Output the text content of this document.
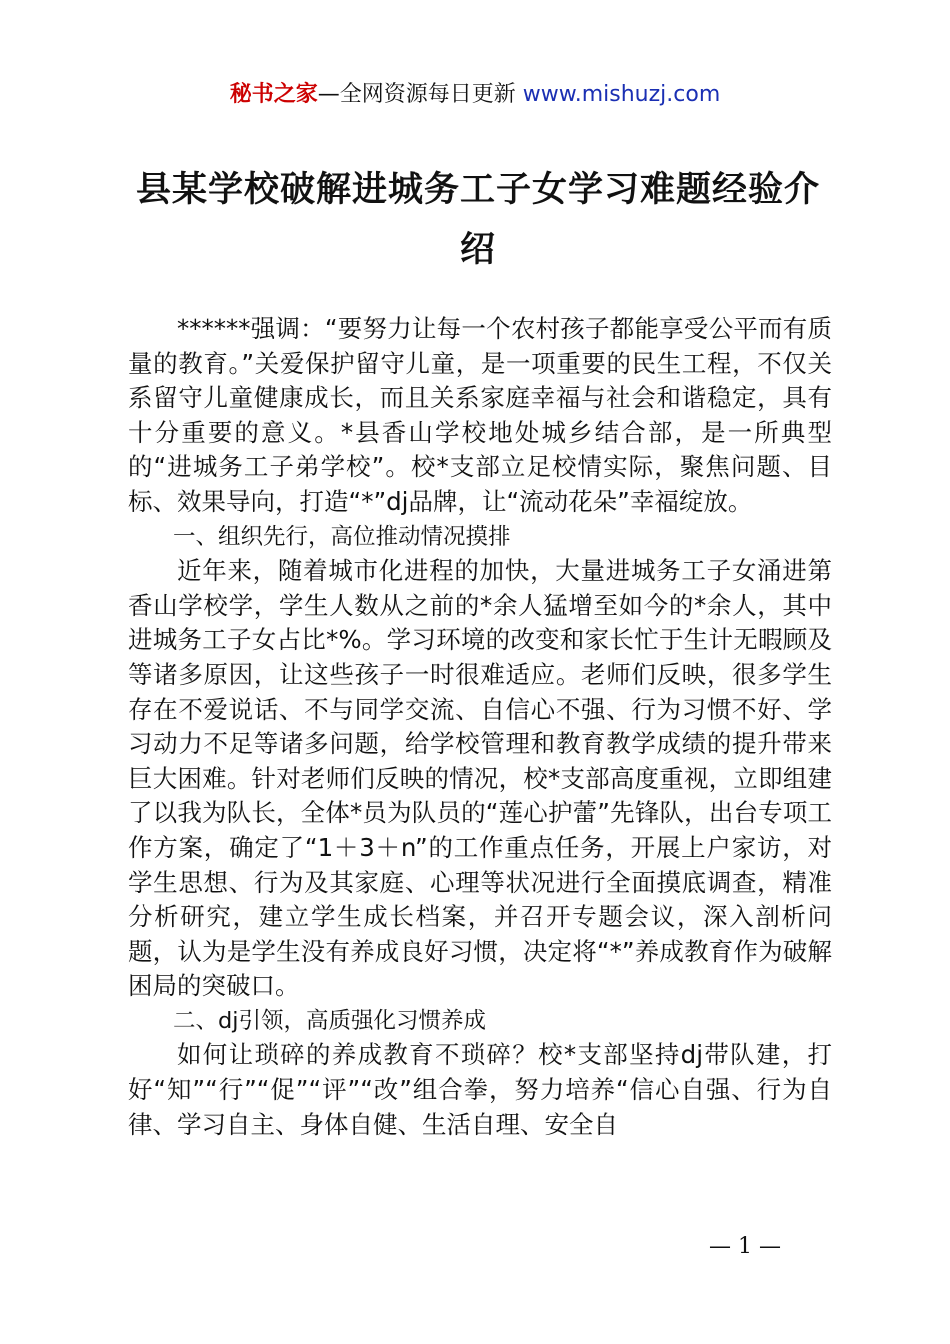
秘书之家—全网资源每日更新 www.mishuzj.com
县某学校破解进城务工子女学习难题经验介绍

******强调：“要努力让每一个农村孩子都能享受公平而有质量的教育。”关爱保护留守儿童，是一项重要的民生工程，不仅关系留守儿童健康成长，而且关系家庭幸福与社会和谐稳定，具有十分重要的意义。*县香山学校地处城乡结合部，是一所典型的“进城务工子弟学校”。校*支部立足校情实际，聚焦问题、目标、效果导向，打造“*”dj品牌，让“流动花朵”幸福绽放。

一、组织先行，高位推动情况摸排

近年来，随着城市化进程的加快，大量进城务工子女涌进第香山学校学，学生人数从之前的*余人猛增至如今的*余人，其中进城务工子女占比*%。学习环境的改变和家长忙于生计无暇顾及等诸多原因，让这些孩子一时很难适应。老师们反映，很多学生存在不爱说话、不与同学交流、自信心不强、行为习惯不好、学习动力不足等诸多问题，给学校管理和教育教学成绩的提升带来巨大困难。针对老师们反映的情况，校*支部高度重视，立即组建了以我为队长，全体*员为队员的“莲心护蕾”先锋队，出台专项工作方案，确定了“1＋3＋n”的工作重点任务，开展上户家访，对学生思想、行为及其家庭、心理等状况进行全面摸底调查，精准分析研究，建立学生成长档案，并召开专题会议，深入剖析问题，认为是学生没有养成良好习惯，决定将“*”养成教育作为破解困局的突破口。

二、dj引领，高质强化习惯养成

如何让琐碎的养成教育不琐碎？校*支部坚持dj带队建，打好“知”“行”“促”“评”“改”组合拳，努力培养“信心自强、行为自律、学习自主、身体自健、生活自理、安全自

— 1 —
